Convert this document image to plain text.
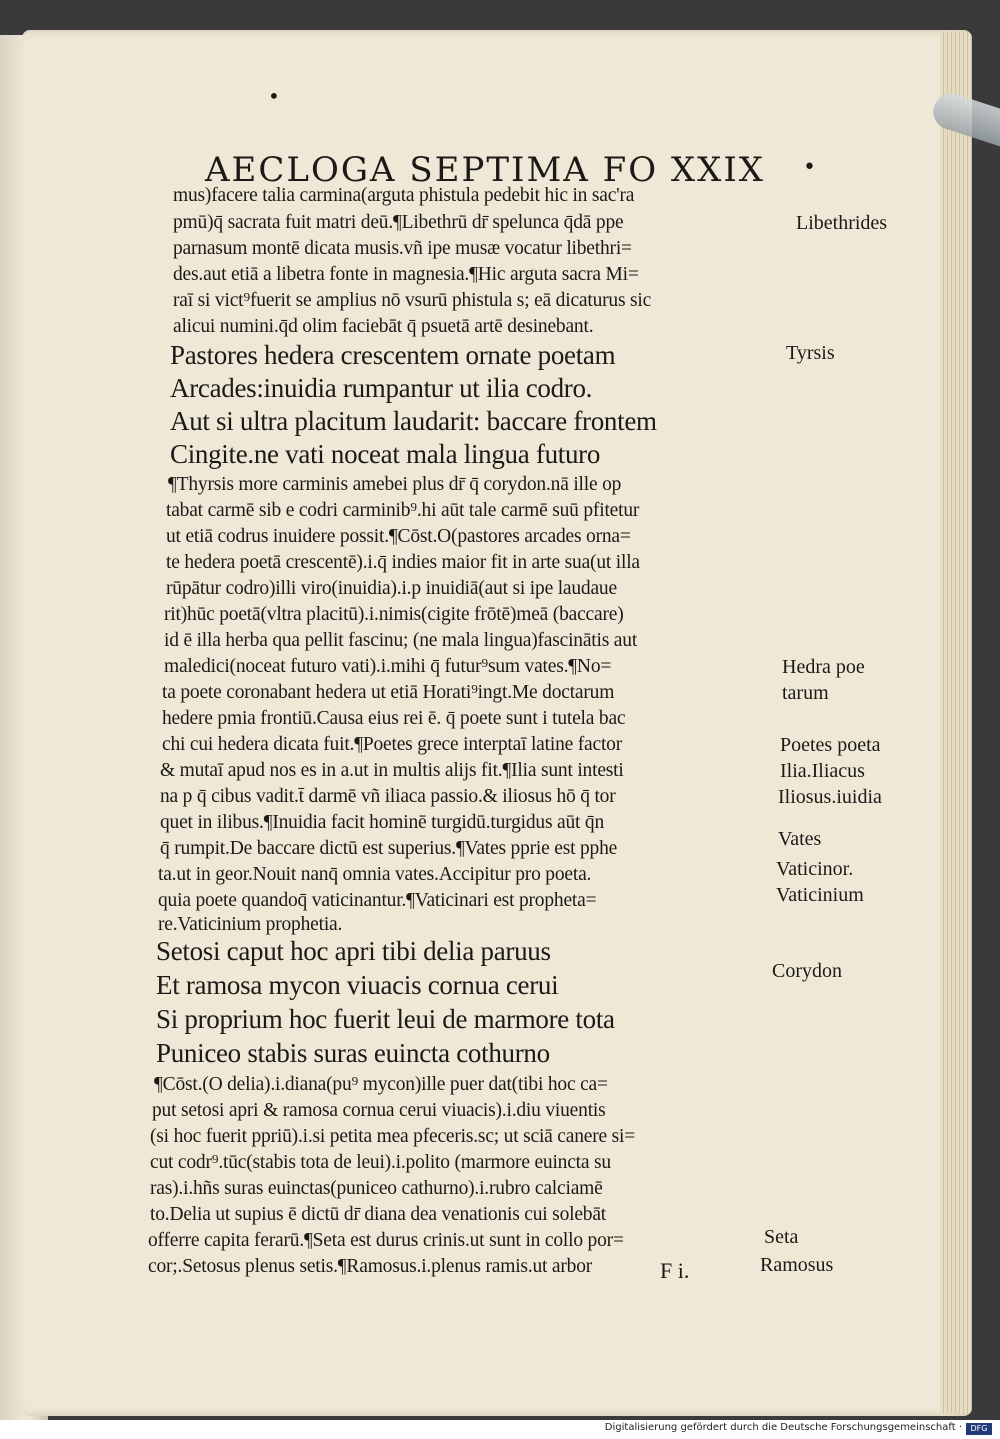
•
AECLOGA SEPTIMA FO XXIX •
mus)facere talia carmina(arguta phistula pedebit hic in sac'ra
pmū)q̄ sacrata fuit matri deū.¶Libethrū dr̄ spelunca q̄dā ppe
parnasum montē dicata musis.vñ ipe musæ vocatur libethri=
des.aut etiā a libetra fonte in magnesia.¶Hic arguta sacra Mi=
raī si vict⁹fuerit se amplius nō vsurū phistula s; eā dicaturus sic
alicui numini.q̄d olim faciebāt q̄ psuetā artē desinebant.
Pastores hedera crescentem ornate poetam
Arcades:inuidia rumpantur ut ilia codro.
Aut si ultra placitum laudarit: baccare frontem
Cingite.ne vati noceat mala lingua futuro
¶Thyrsis more carminis amebei plus dr̄ q̄ corydon.nā ille op
tabat carmē sib e codri carminib⁹.hi aūt tale carmē suū pfitetur
ut etiā codrus inuidere possit.¶Cōst.O(pastores arcades orna=
te hedera poetā crescentē).i.q̄ indies maior fit in arte sua(ut illa
rūpātur codro)illi viro(inuidia).i.p inuidiā(aut si ipe laudaue
rit)hūc poetā(vltra placitū).i.nimis(cigite frōtē)meā (baccare)
id ē illa herba qua pellit fascinu; (ne mala lingua)fascinātis aut
maledici(noceat futuro vati).i.mihi q̄ futur⁹sum vates.¶No=
ta poete coronabant hedera ut etiā Horati⁹ingt.Me doctarum
hedere pmia frontiū.Causa eius rei ē. q̄ poete sunt i tutela bac
chi cui hedera dicata fuit.¶Poetes grece interptaī latine factor
& mutaī apud nos es in a.ut in multis alijs fit.¶Ilia sunt intesti
na p q̄ cibus vadit.t̄ darmē vñ iliaca passio.& iliosus hō q̄ tor
quet in ilibus.¶Inuidia facit hominē turgidū.turgidus aūt q̄n
q̄ rumpit.De baccare dictū est superius.¶Vates pprie est pphe
ta.ut in geor.Nouit nanq̄ omnia vates.Accipitur pro poeta.
quia poete quandoq̄ vaticinantur.¶Vaticinari est propheta=
re.Vaticinium prophetia.
Setosi caput hoc apri tibi delia paruus
Et ramosa mycon viuacis cornua cerui
Si proprium hoc fuerit leui de marmore tota
Puniceo stabis suras euincta cothurno
¶Cōst.(O delia).i.diana(pu⁹ mycon)ille puer dat(tibi hoc ca=
put setosi apri & ramosa cornua cerui viuacis).i.diu viuentis
(si hoc fuerit ppriū).i.si petita mea pfeceris.sc; ut sciā canere si=
cut codr⁹.tūc(stabis tota de leui).i.polito (marmore euincta su
ras).i.hñs suras euinctas(puniceo cathurno).i.rubro calciamē
to.Delia ut supius ē dictū dr̄ diana dea venationis cui solebāt
offerre capita ferarū.¶Seta est durus crinis.ut sunt in collo por=
cor;.Setosus plenus setis.¶Ramosus.i.plenus ramis.ut arbor
Libethrides
Tyrsis
Hedra poe
tarum
Poetes poeta
Ilia.Iliacus
Iliosus.iuidia
Vates
Vaticinor.
Vaticinium
Corydon
Seta
Ramosus
F i.
Digitalisierung gefördert durch die Deutsche Forschungsgemeinschaft ·	DFG
